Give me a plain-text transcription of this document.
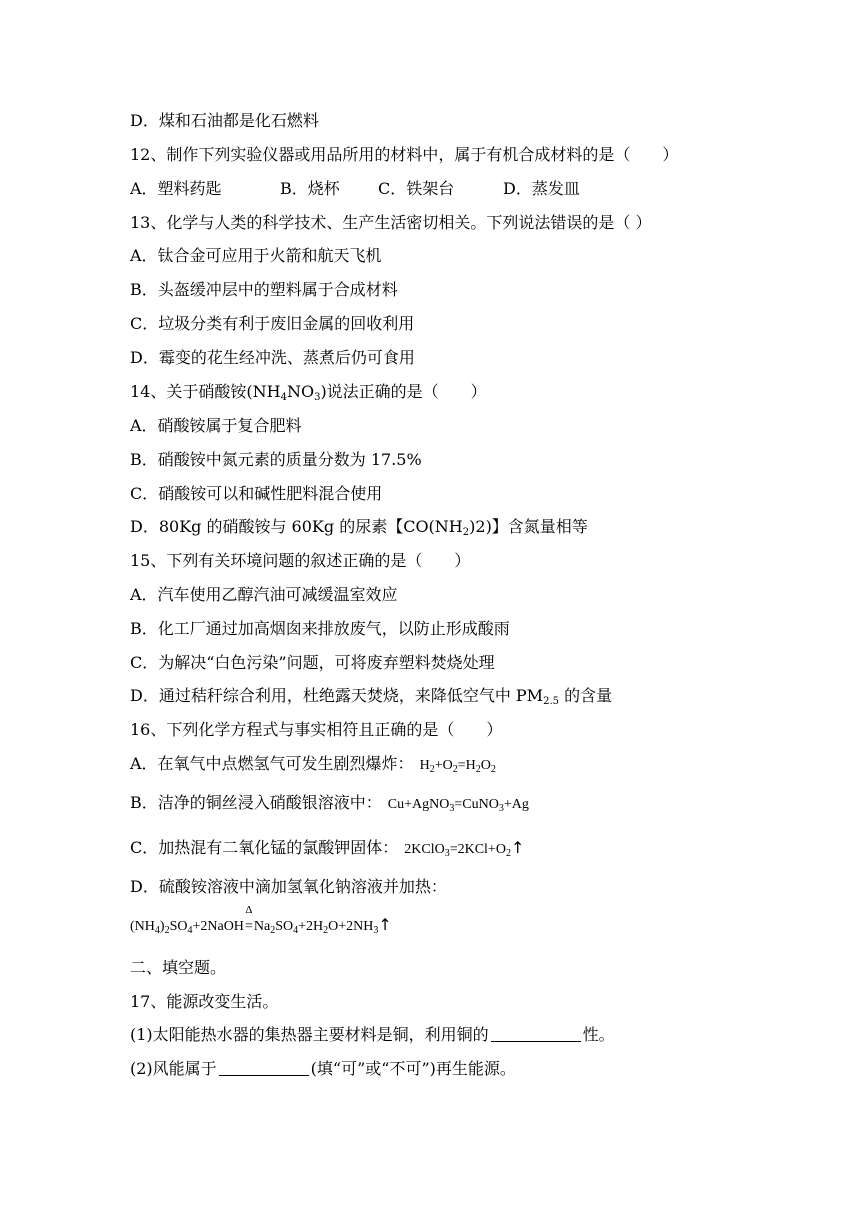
D．煤和石油都是化石燃料
12、制作下列实验仪器或用品所用的材料中，属于有机合成材料的是（　　）
A．塑料药匙	B．烧杯 C．铁架台	D．蒸发皿
13、化学与人类的科学技术、生产生活密切相关。下列说法错误的是（ ）
A．钛合金可应用于火箭和航天飞机
B．头盔缓冲层中的塑料属于合成材料
C．垃圾分类有利于废旧金属的回收利用
D．霉变的花生经冲洗、蒸煮后仍可食用
14、关于硝酸铵$(NH_4NO_3)$说法正确的是（　　）
A．硝酸铵属于复合肥料
B．硝酸铵中氮元素的质量分数为 17.5%
C．硝酸铵可以和碱性肥料混合使用
D．80Kg 的硝酸铵与 60Kg 的尿素【$CO(NH_2)2$)】含氮量相等
15、下列有关环境问题的叙述正确的是（　　）
A．汽车使用乙醇汽油可减缓温室效应
B．化工厂通过加高烟囱来排放废气，以防止形成酸雨
C．为解决“白色污染”问题，可将废弃塑料焚烧处理
D．通过秸秆综合利用，杜绝露天焚烧，来降低空气中 $PM_{2.5}$ 的含量
16、下列化学方程式与事实相符且正确的是（　　）
A．在氧气中点燃氢气可发生剧烈爆炸： $H_2+O_2=H_2O_2$
B．洁净的铜丝浸入硝酸银溶液中： Cu+AgNO$_3$=CuNO$_3$+Ag
C．加热混有二氧化锰的氯酸钾固体： $2KClO_3=2KCl+O_2↑$
D．硫酸铵溶液中滴加氢氧化钠溶液并加热：
$(NH_4)_2SO_4+2NaOH$
Δ
$=Na_2SO_4+2H_2O+2NH_3↑$
二、填空题。
17、能源改变生活。
(1)太阳能热水器的集热器主要材料是铜，利用铜的	性。
(2)风能属于	(填“可”或“不可”)再生能源。
